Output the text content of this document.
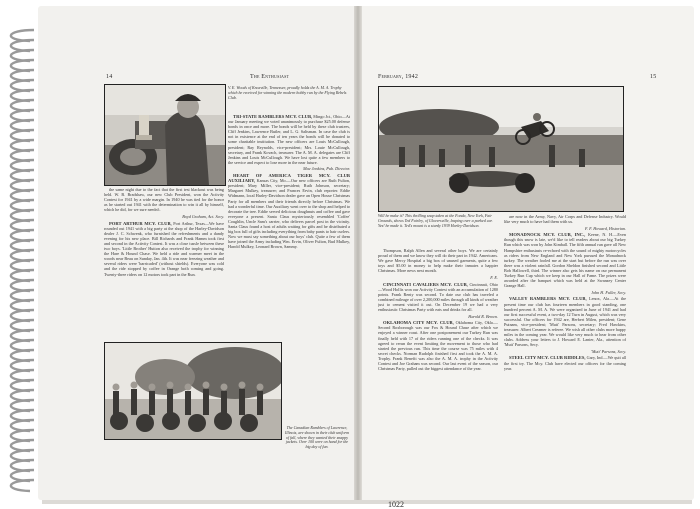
14	The Enthusiast
V. E. Woods of Knoxville, Tennessee, proudly holds the A. M. A. Trophy which he received for winning the modern hobby run by the Flying Rebels Club.

the same night due to the fact that the first test blackout was being held. W. B. Bradshaw, our new Club President, won the Activity Contest for 1941 by a wide margin. In 1940 he was tied for the honor as he started out 1941 with the determination to win it all by himself, which he did, for we sure needn't.

Boyd Graham, Act. Secy.

PORT ARTHUR MCY. CLUB, Port Arthur, Texas—We have rounded out 1941 with a big party at the shop of the Harley-Davidson dealer J. C. Schwenk, who furnished the refreshments and a dandy evening for his new place. Bill Richards and Frank Hamm took first and second in the Activity Contest. It was a close tussle between these two boys. 'Little Brother' Hutton also received the trophy for winning the Hare & Hound Chase. We held a ride and warmer meet in the woods near Beau on Sunday, Jan. 4th. It was near freezing weather and several riders were 'barricaded' (without shields). Everyone was cold and the ride stopped by coffee in Orange both coming and going. Twenty-three riders on 12 motors took part in the Run.

TRI-STATE RAMBLERS MCY. CLUB, Mingo Jct., Ohio—At our January meeting we voted unanimously to purchase $25.00 defense bonds in once and more. The bonds will be held by these club trustees, Cliff Jenkins, Lawrence Butler, and L. G. Saltsman. In case the club is not in existence at the end of ten years the bonds will be donated to some charitable institution. The new officers are Louis McCullough, president; Ray Reynolds, vice-president; Mrs. Louie McCullough, secretary, and Frank Kovach, treasurer. The A. M. A. delegates are Cliff Jenkins and Louis McCullough. We have lost quite a few members to the service and expect to lose more in the near future.

Mae Jenkins, Pub. Director.

HEART OF AMERICA TIGER MCY. CLUB AUXILIARY, Kansas City, Mo.—Our new officers are Ruth Fulton, president; Mary Miller, vice-president; Ruth Johnson, secretary; Margaret Mulkey, treasurer; and Frances Ervin, club reporter. Eddie Widmann, local Harley-Davidson dealer gave an Open House Christmas Party for all members and their friends directly before Christmas. We had a wonderful time. Our Auxiliary went over to the shop and helped to decorate the tree. Eddie served delicious doughnuts and coffee and gave everyone a present. Santa Claus mysteriously resembled 'Coffee' Coughlin, Uncle Sam's carrier, who delivers parcel post in the vicinity. Santa Claus found a host of adults waiting for gifts and he distributed a big box full of gifts including everything from baby pants to hair curlers. Now we must say something about our boys' club. Quite a few of them have joined the Army including Wm. Ervin, Oliver Fulton, Bud Mulkey, Harold Mulkey, Leonard Brown, Sammy.

The Canadian Ramblers of Lawrence, Illinois, are shown in their club uniform of fall, where they wanted their snappy jackets. Over 100 were on hand for the big day of fun.
February, 1942	15
Will he make it? This thrilling snap taken at the Fonda, New York, Fair Grounds, shows Ted Fairley, of Gloversville, leaping over a parked car. Yes! he made it. Ted's mount is a sturdy 1939 Harley-Davidson.

Thompson, Ralph Allen and several other boys. We are certainly proud of them and we know they will do their part in 1942. Americans. We gave Mercy Hospital a big box of unused garments, quite a few toys and $5.00 in money to help make their inmates a happier Christmas. More news next month.

F. E.

CINCINNATI CAVALIERS MCY. CLUB, Cincinnati, Ohio—Wood Hollis won our Activity Contest with an accumulation of 1280 points. Frank Renty was second. To date our club has traveled a combined mileage of over 2,200,000 miles through all kinds of weather just to cement visited it out. On December 19 we had a very enthusiastic Christmas Party with eats and drinks for all.

Harold R. Brown.

OKLAHOMA CITY MCY. CLUB, Oklahoma City, Okla.—Second Roxborough was our Fox & Hound Chase after which we enjoyed a winner roast. After one postponement our Turkey Run was finally held with 17 of the riders running one of the checks. It was agreed to rerun the event limiting the movement to those who had started the previous run. This time the course was 75 miles with 4 secret checks. Norman Rudolph finished first and took the A. M. A. Trophy. Frank Benefit was also the A. M. A. trophy in the Activity Contest and Joe Graham was second. Our last event of the season, our Christmas Party, pulled out the biggest attendance of the year.

are now in the Army, Navy, Air Corps and Defense Industry. Would like very much to have had them with us.

F. F. Howard, Historian.

MONADNOCK MCY. CLUB, INC., Keene, N. H.—Even though this snow is late, we'd like to tell readers about our big Turkey Run which was won by John Kimball. The fifth annual run gave all New Hampshire enthusiasts re-echoed with the sound of mighty motorcycles as riders from New England and New York pursued the Monadnock turkey. The weather fooled me at the start but before the run was over there was a violent rainfall. Gordon Sheldon finished second and Little Bob Hallowell, third. The winner also gets his name on our permanent Turkey Run Cup which we keep in our Hall of Fame. The prizes were awarded after the banquet which was held at the Swanzey Center Grange Hall.

John H. Fuller, Secy.

VALLEY RAMBLERS MCY. CLUB, Lenox, Ala.—At the present time our club has fourteen members in good standing, one hundred percent A. M. A. We were organized in June of 1941 and had our first successful event, a two-day 12 Turn in August, which was very successful. Our officers for 1942 are, Herbert Milen, president; Gene Putnam, vice-president; 'Mutt' Parsons, secretary; Fred Hawkins, treasurer. Albert Creamer is referee. We wish all other clubs more happy miles in the coming year. We would like very much to hear from other clubs. Address your letters to J. Howard E. Lanier, Ala., attention of 'Mutt' Parsons, Secy.

'Mutt' Parsons, Secy.

STEEL CITY MCY. CLUB RIDDLES, Gary, Ind.—We quit all the first try. The Mcy. Club have elected our officers for the coming year.

1022
